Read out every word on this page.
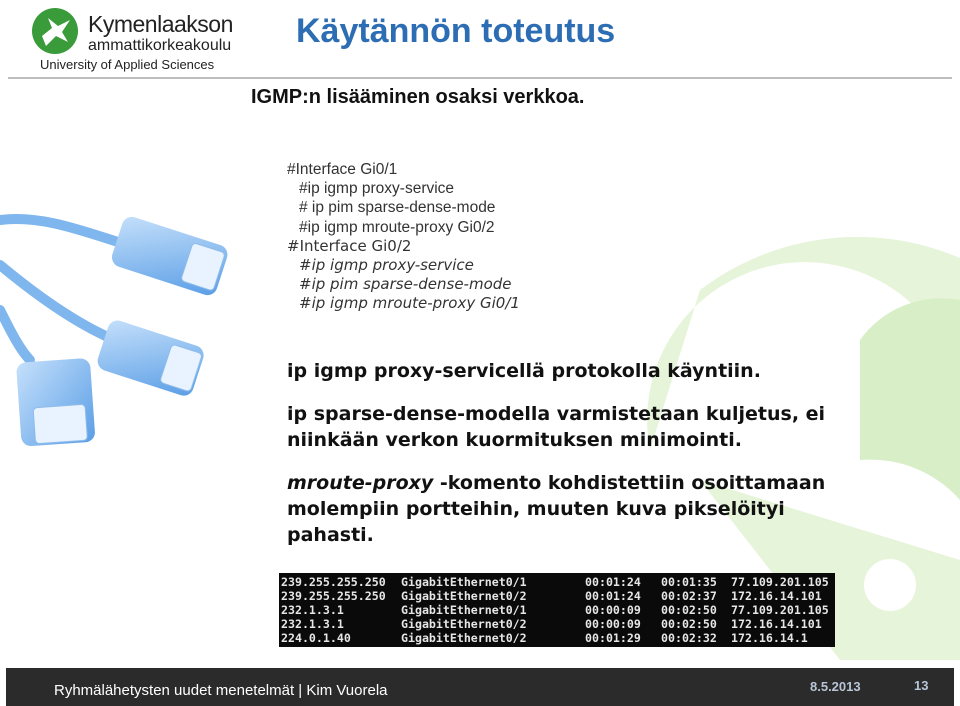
Kymenlaakson
ammattikorkeakoulu
University of Applied Sciences
Käytännön toteutus
IGMP:n lisääminen osaksi verkkoa.
#Interface Gi0/1
#ip igmp proxy-service
# ip pim sparse-dense-mode
#ip igmp mroute-proxy Gi0/2
#Interface Gi0/2
#ip igmp proxy-service
#ip pim sparse-dense-mode
#ip igmp mroute-proxy Gi0/1

ip igmp proxy-servicellä protokolla käyntiin.

ip sparse-dense-modella varmistetaan kuljetus, ei
niinkään verkon kuormituksen minimointi.

mroute-proxy -komento kohdistettiin osoittamaan
molempiin portteihin, muuten kuva pikselöityi
pahasti.

239.255.255.250 GigabitEthernet0/1	00:01:24 00:01:35 77.109.201.105
239.255.255.250 GigabitEthernet0/2	00:01:24 00:02:37 172.16.14.101
232.1.3.1	GigabitEthernet0/1	00:00:09 00:02:50 77.109.201.105
232.1.3.1	GigabitEthernet0/2	00:00:09 00:02:50 172.16.14.101
224.0.1.40	GigabitEthernet0/2	00:01:29 00:02:32 172.16.14.1
Ryhmälähetysten uudet menetelmät | Kim Vuorela	8.5.2013	13
